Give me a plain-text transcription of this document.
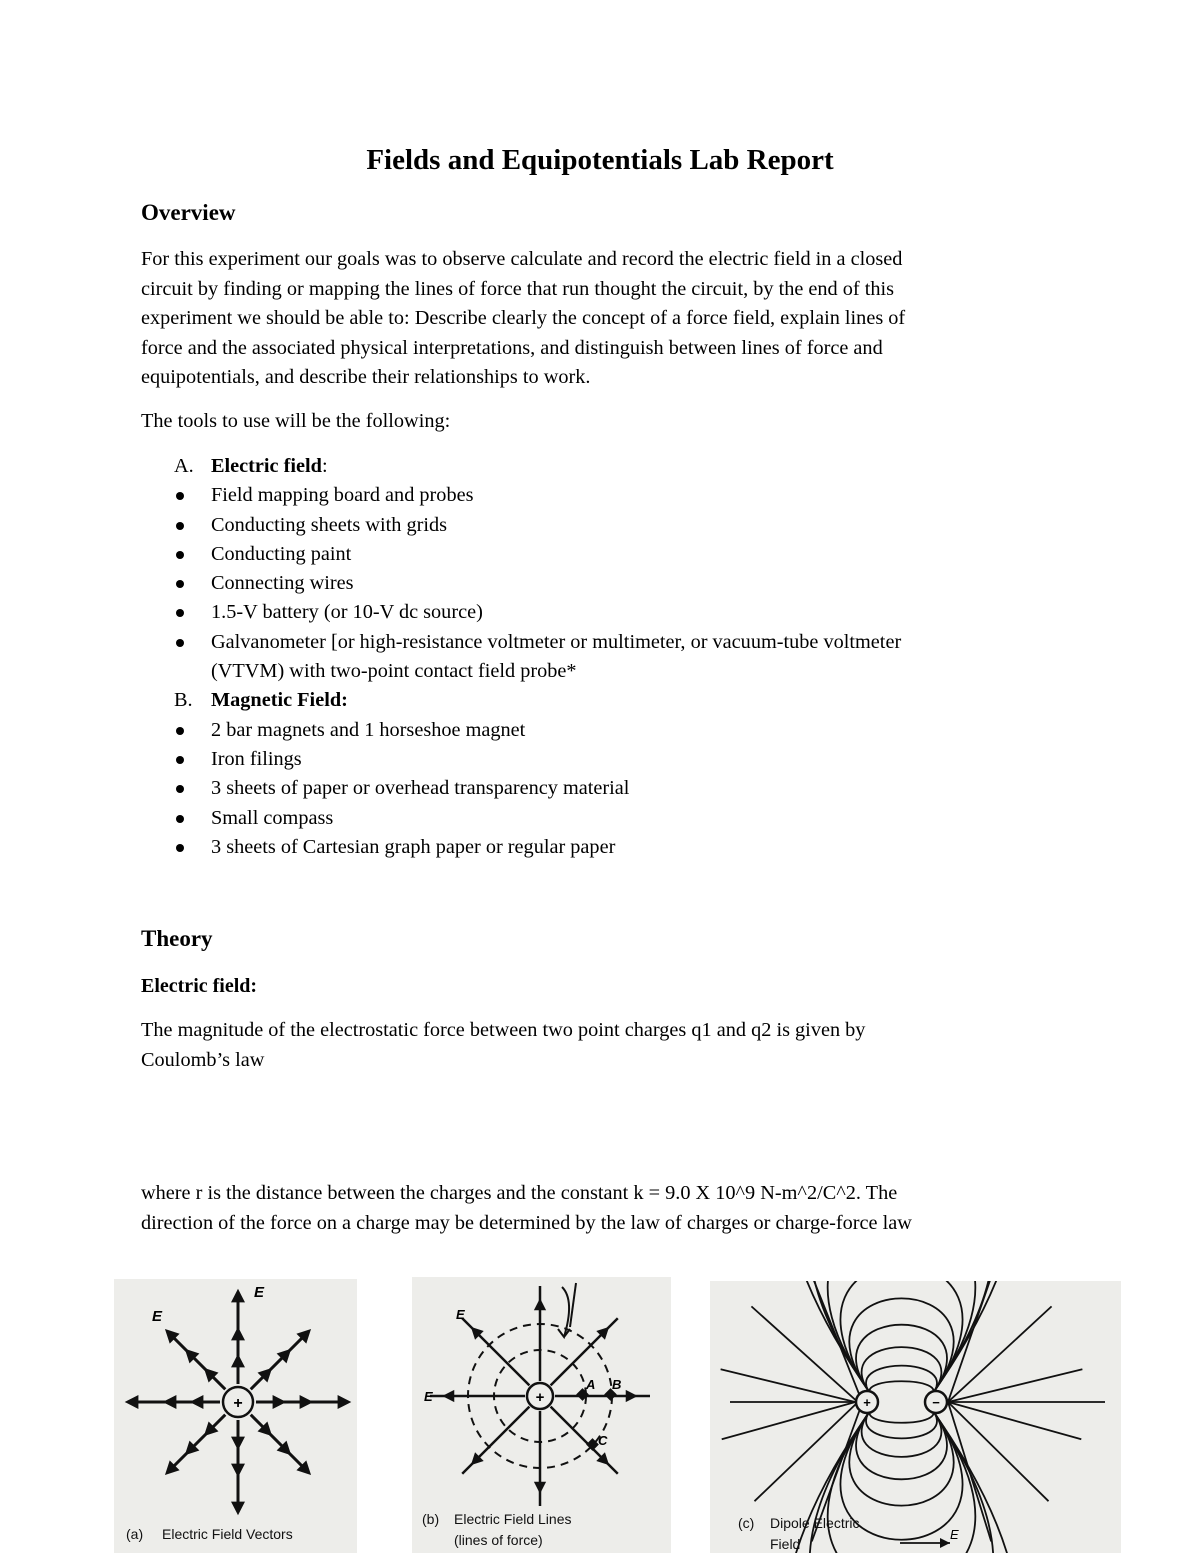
Fields and Equipotentials Lab Report
Overview
For this experiment our goals was to observe calculate and record the electric field in a closed
circuit by finding or mapping the lines of force that run thought the circuit, by the end of this
experiment we should be able to: Describe clearly the concept of a force field, explain lines of
force and the associated physical interpretations, and distinguish between lines of force and
equipotentials, and describe their relationships to work.
The tools to use will be the following:
A. Electric field:
Field mapping board and probes
Conducting sheets with grids
Conducting paint
Connecting wires
1.5-V battery (or 10-V dc source)
Galvanometer [or high-resistance voltmeter or multimeter, or vacuum-tube voltmeter
(VTVM) with two-point contact field probe*
B. Magnetic Field:
2 bar magnets and 1 horseshoe magnet
Iron filings
3 sheets of paper or overhead transparency material
Small compass
3 sheets of Cartesian graph paper or regular paper
Theory
Electric field:
The magnitude of the electrostatic force between two point charges q1 and q2 is given by
Coulomb’s law
where r is the distance between the charges and the constant k = 9.0 X 10^9 N-m^2/C^2. The
direction of the force on a charge may be determined by the law of charges or charge-force law
+
E
E
(a) Electric Field Vectors
+
A B
C
E
E
(b) Electric Field Lines
(lines of force)
+	−
E
(c) Dipole Electric
Field
